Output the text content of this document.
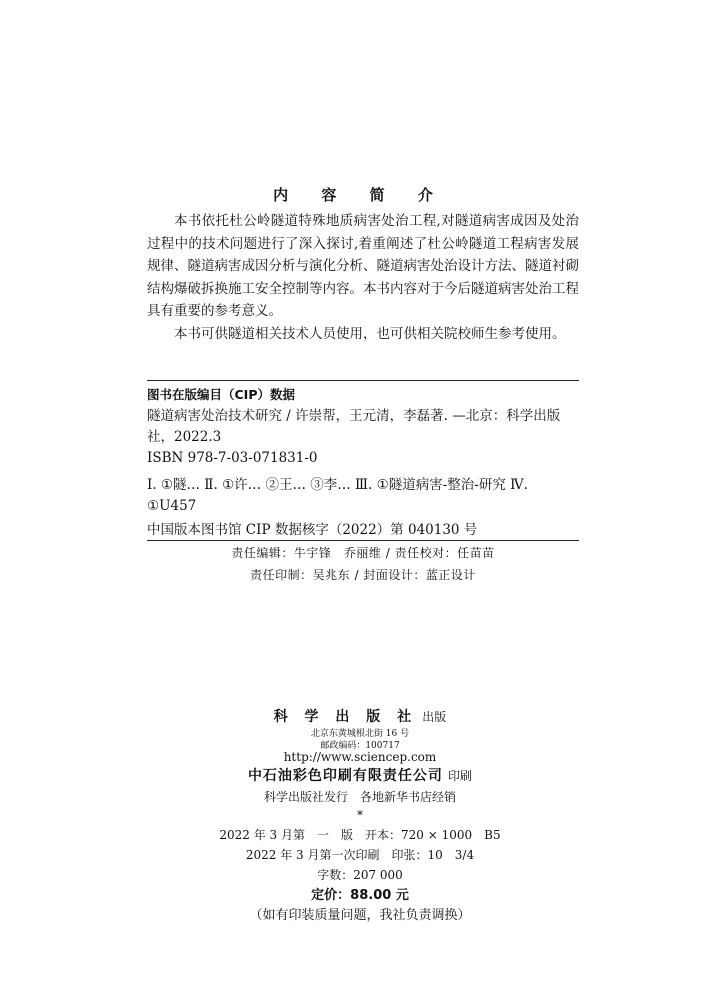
内 容 简 介

本书依托杜公岭隧道特殊地质病害处治工程,对隧道病害成因及处治过程中的技术问题进行了深入探讨,着重阐述了杜公岭隧道工程病害发展规律、隧道病害成因分析与演化分析、隧道病害处治设计方法、隧道衬砌结构爆破拆换施工安全控制等内容。本书内容对于今后隧道病害处治工程具有重要的参考意义。

本书可供隧道相关技术人员使用，也可供相关院校师生参考使用。

图书在版编目（CIP）数据
隧道病害处治技术研究 / 许崇帮，王元清，李磊著. —北京：科学出版社，2022.3
ISBN 978-7-03-071831-0
Ⅰ. ①隧… Ⅱ. ①许… ②王… ③李… Ⅲ. ①隧道病害-整治-研究 Ⅳ. ①U457
中国版本图书馆 CIP 数据核字（2022）第 040130 号
责任编辑：牛宇锋　乔丽维 / 责任校对：任苗苗
责任印制：吴兆东 / 封面设计：蓝正设计
科 学 出 版 社 出版
北京东黄城根北街 16 号
邮政编码：100717
http://www.sciencep.com
中石油彩色印刷有限责任公司 印刷
科学出版社发行　各地新华书店经销
*
2022 年 3 月第　一　版　开本：720 × 1000　B5
2022 年 3 月第一次印刷　印张：10　3/4
字数：207 000
定价：88.00 元
（如有印装质量问题，我社负责调换）
